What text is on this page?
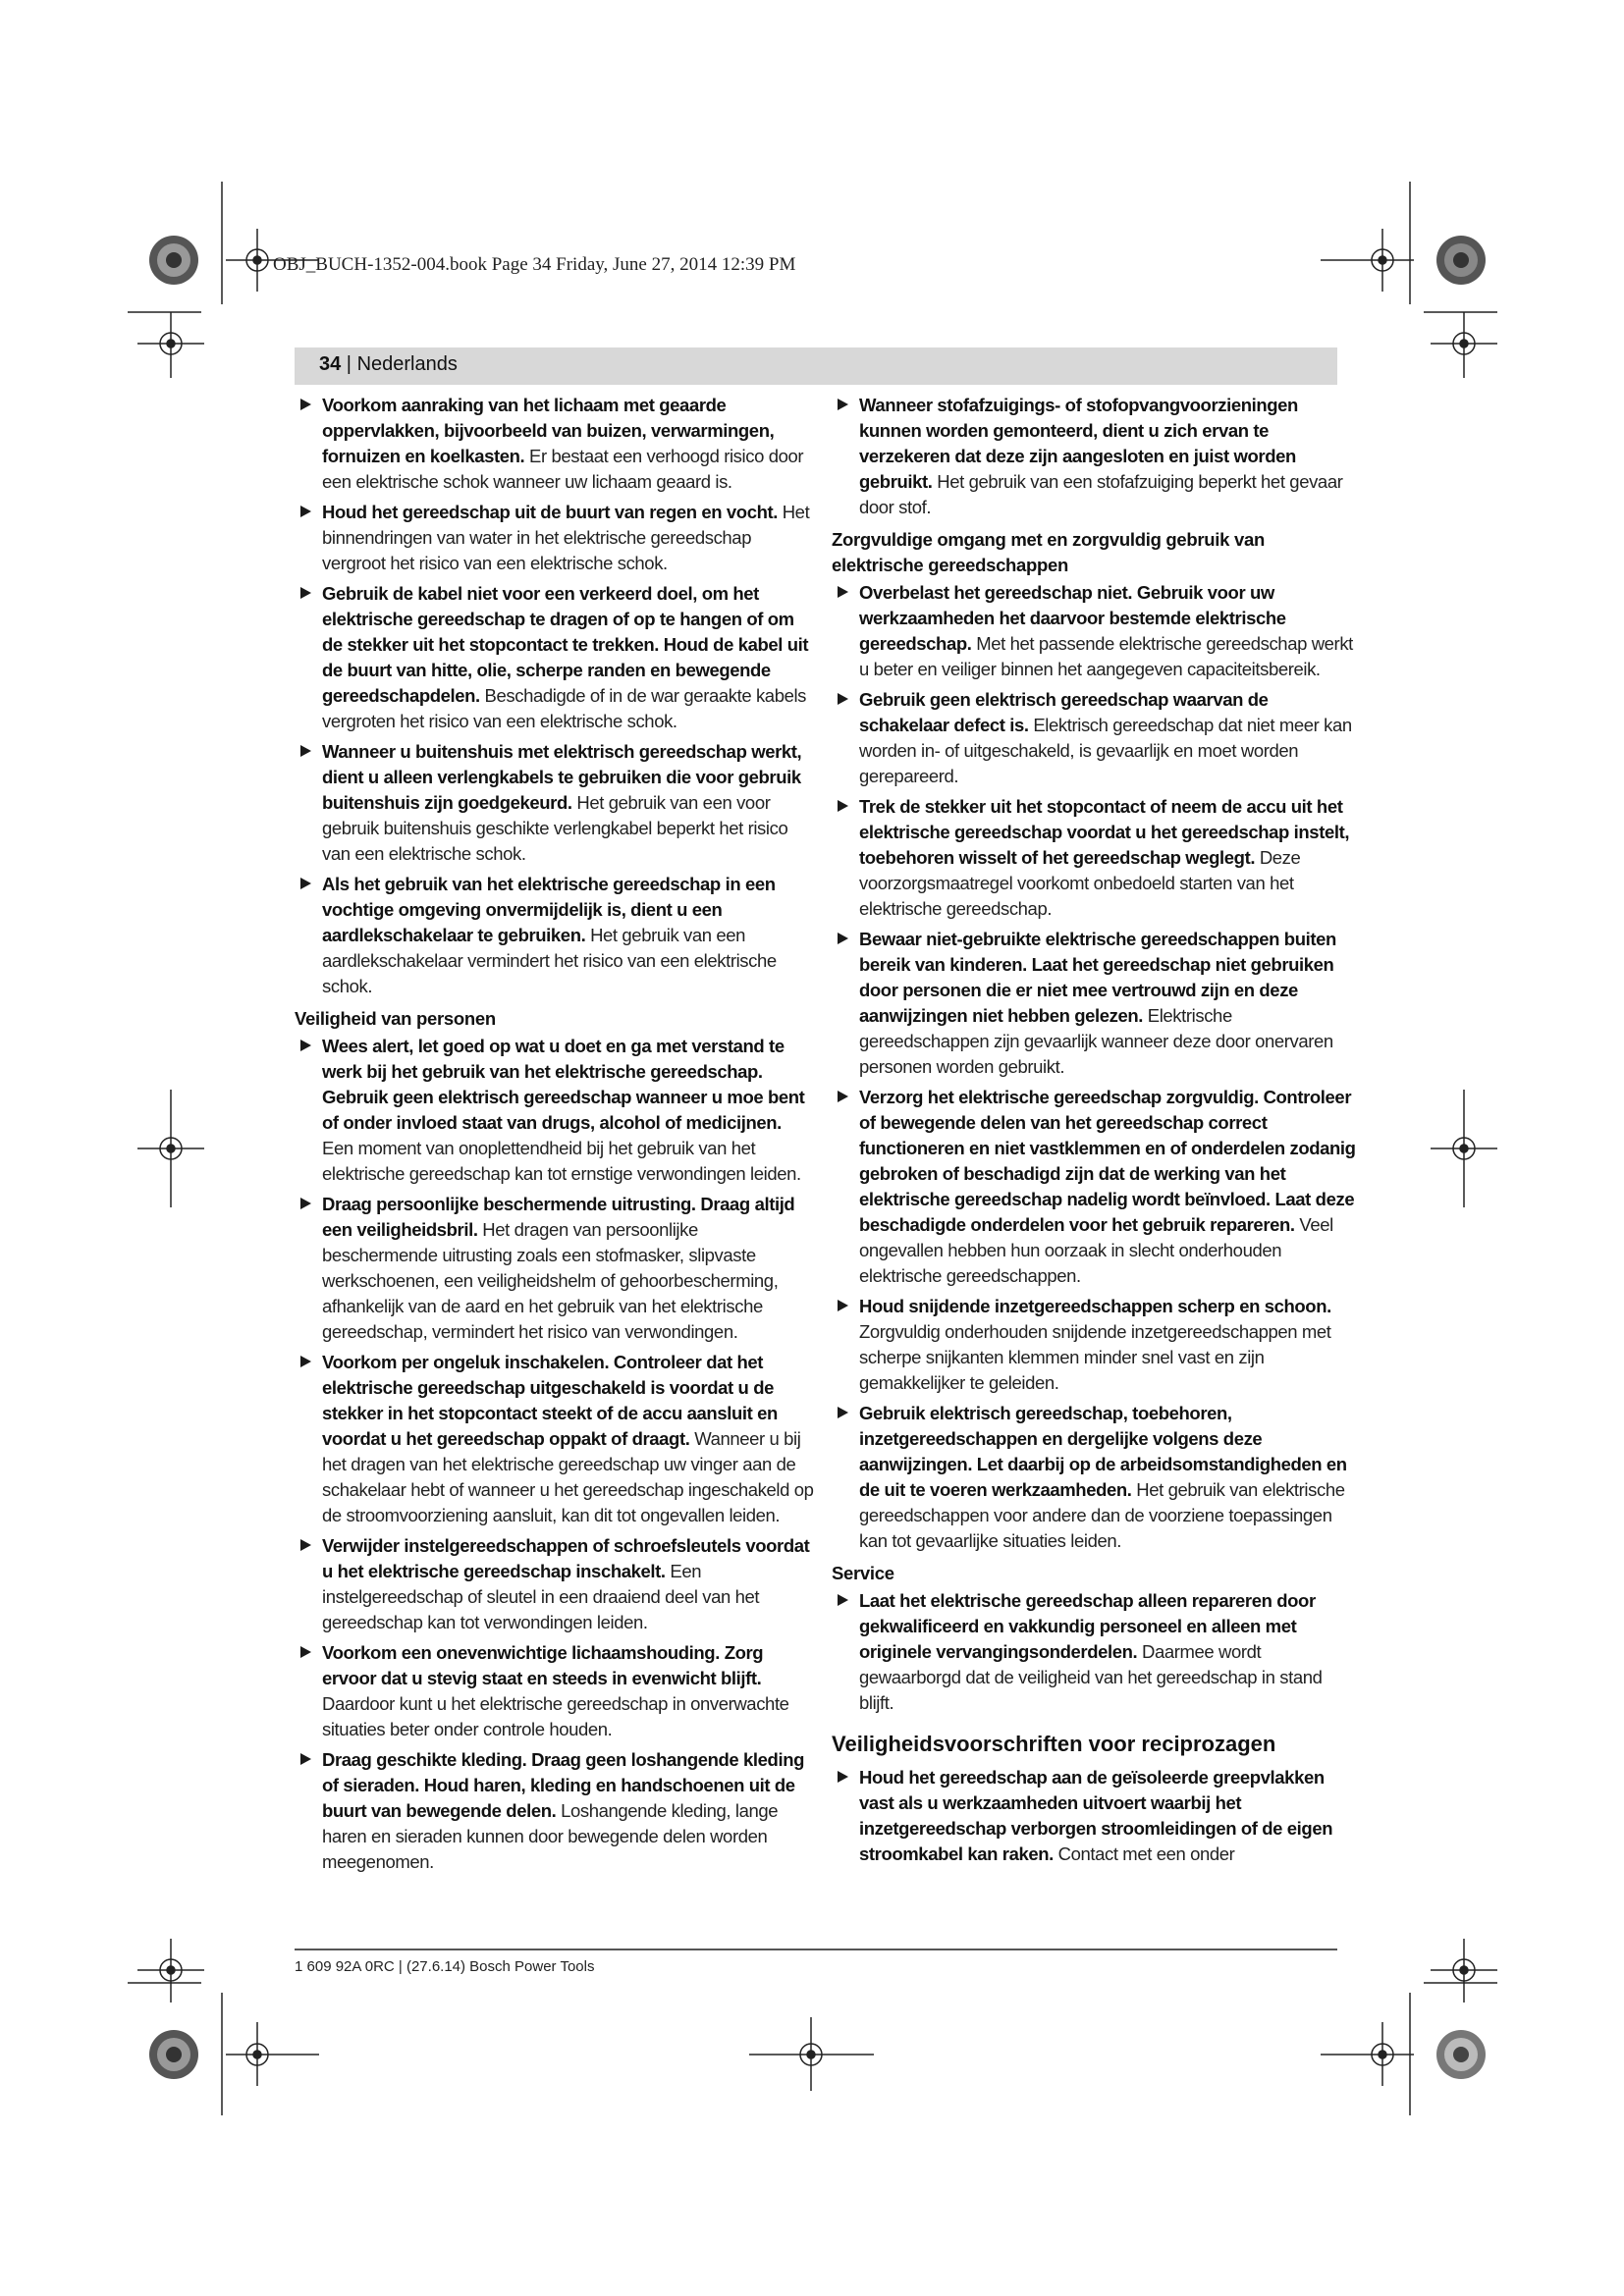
OBJ_BUCH-1352-004.book Page 34 Friday, June 27, 2014 12:39 PM
34 | Nederlands

Voorkom aanraking van het lichaam met geaarde oppervlakken, bijvoorbeeld van buizen, verwarmingen, fornuizen en koelkasten. Er bestaat een verhoogd risico door een elektrische schok wanneer uw lichaam geaard is.

Houd het gereedschap uit de buurt van regen en vocht. Het binnendringen van water in het elektrische gereedschap vergroot het risico van een elektrische schok.

Gebruik de kabel niet voor een verkeerd doel, om het elektrische gereedschap te dragen of op te hangen of om de stekker uit het stopcontact te trekken. Houd de kabel uit de buurt van hitte, olie, scherpe randen en bewegende gereedschapdelen. Beschadigde of in de war geraakte kabels vergroten het risico van een elektrische schok.

Wanneer u buitenshuis met elektrisch gereedschap werkt, dient u alleen verlengkabels te gebruiken die voor gebruik buitenshuis zijn goedgekeurd. Het gebruik van een voor gebruik buitenshuis geschikte verlengkabel beperkt het risico van een elektrische schok.

Als het gebruik van het elektrische gereedschap in een vochtige omgeving onvermijdelijk is, dient u een aardlekschakelaar te gebruiken. Het gebruik van een aardlekschakelaar vermindert het risico van een elektrische schok.

Veiligheid van personen

Wees alert, let goed op wat u doet en ga met verstand te werk bij het gebruik van het elektrische gereedschap. Gebruik geen elektrisch gereedschap wanneer u moe bent of onder invloed staat van drugs, alcohol of medicijnen. Een moment van onoplettendheid bij het gebruik van het elektrische gereedschap kan tot ernstige verwondingen leiden.

Draag persoonlijke beschermende uitrusting. Draag altijd een veiligheidsbril. Het dragen van persoonlijke beschermende uitrusting zoals een stofmasker, slipvaste werkschoenen, een veiligheidshelm of gehoorbescherming, afhankelijk van de aard en het gebruik van het elektrische gereedschap, vermindert het risico van verwondingen.

Voorkom per ongeluk inschakelen. Controleer dat het elektrische gereedschap uitgeschakeld is voordat u de stekker in het stopcontact steekt of de accu aansluit en voordat u het gereedschap oppakt of draagt. Wanneer u bij het dragen van het elektrische gereedschap uw vinger aan de schakelaar hebt of wanneer u het gereedschap ingeschakeld op de stroomvoorziening aansluit, kan dit tot ongevallen leiden.

Verwijder instelgereedschappen of schroefsleutels voordat u het elektrische gereedschap inschakelt. Een instelgereedschap of sleutel in een draaiend deel van het gereedschap kan tot verwondingen leiden.

Voorkom een onevenwichtige lichaamshouding. Zorg ervoor dat u stevig staat en steeds in evenwicht blijft. Daardoor kunt u het elektrische gereedschap in onverwachte situaties beter onder controle houden.

Draag geschikte kleding. Draag geen loshangende kleding of sieraden. Houd haren, kleding en handschoenen uit de buurt van bewegende delen. Loshangende kleding, lange haren en sieraden kunnen door bewegende delen worden meegenomen.

Wanneer stofafzuigings- of stofopvangvoorzieningen kunnen worden gemonteerd, dient u zich ervan te verzekeren dat deze zijn aangesloten en juist worden gebruikt. Het gebruik van een stofafzuiging beperkt het gevaar door stof.

Zorgvuldige omgang met en zorgvuldig gebruik van elektrische gereedschappen

Overbelast het gereedschap niet. Gebruik voor uw werkzaamheden het daarvoor bestemde elektrische gereedschap. Met het passende elektrische gereedschap werkt u beter en veiliger binnen het aangegeven capaciteitsbereik.

Gebruik geen elektrisch gereedschap waarvan de schakelaar defect is. Elektrisch gereedschap dat niet meer kan worden in- of uitgeschakeld, is gevaarlijk en moet worden gerepareerd.

Trek de stekker uit het stopcontact of neem de accu uit het elektrische gereedschap voordat u het gereedschap instelt, toebehoren wisselt of het gereedschap weglegt. Deze voorzorgsmaatregel voorkomt onbedoeld starten van het elektrische gereedschap.

Bewaar niet-gebruikte elektrische gereedschappen buiten bereik van kinderen. Laat het gereedschap niet gebruiken door personen die er niet mee vertrouwd zijn en deze aanwijzingen niet hebben gelezen. Elektrische gereedschappen zijn gevaarlijk wanneer deze door onervaren personen worden gebruikt.

Verzorg het elektrische gereedschap zorgvuldig. Controleer of bewegende delen van het gereedschap correct functioneren en niet vastklemmen en of onderdelen zodanig gebroken of beschadigd zijn dat de werking van het elektrische gereedschap nadelig wordt beïnvloed. Laat deze beschadigde onderdelen voor het gebruik repareren. Veel ongevallen hebben hun oorzaak in slecht onderhouden elektrische gereedschappen.

Houd snijdende inzetgereedschappen scherp en schoon. Zorgvuldig onderhouden snijdende inzetgereedschappen met scherpe snijkanten klemmen minder snel vast en zijn gemakkelijker te geleiden.

Gebruik elektrisch gereedschap, toebehoren, inzetgereedschappen en dergelijke volgens deze aanwijzingen. Let daarbij op de arbeidsomstandigheden en de uit te voeren werkzaamheden. Het gebruik van elektrische gereedschappen voor andere dan de voorziene toepassingen kan tot gevaarlijke situaties leiden.

Service

Laat het elektrische gereedschap alleen repareren door gekwalificeerd en vakkundig personeel en alleen met originele vervangingsonderdelen. Daarmee wordt gewaarborgd dat de veiligheid van het gereedschap in stand blijft.

Veiligheidsvoorschriften voor reciprozagen

Houd het gereedschap aan de geïsoleerde greepvlakken vast als u werkzaamheden uitvoert waarbij het inzetgereedschap verborgen stroomleidingen of de eigen stroomkabel kan raken. Contact met een onder

1 609 92A 0RC | (27.6.14) Bosch Power Tools
